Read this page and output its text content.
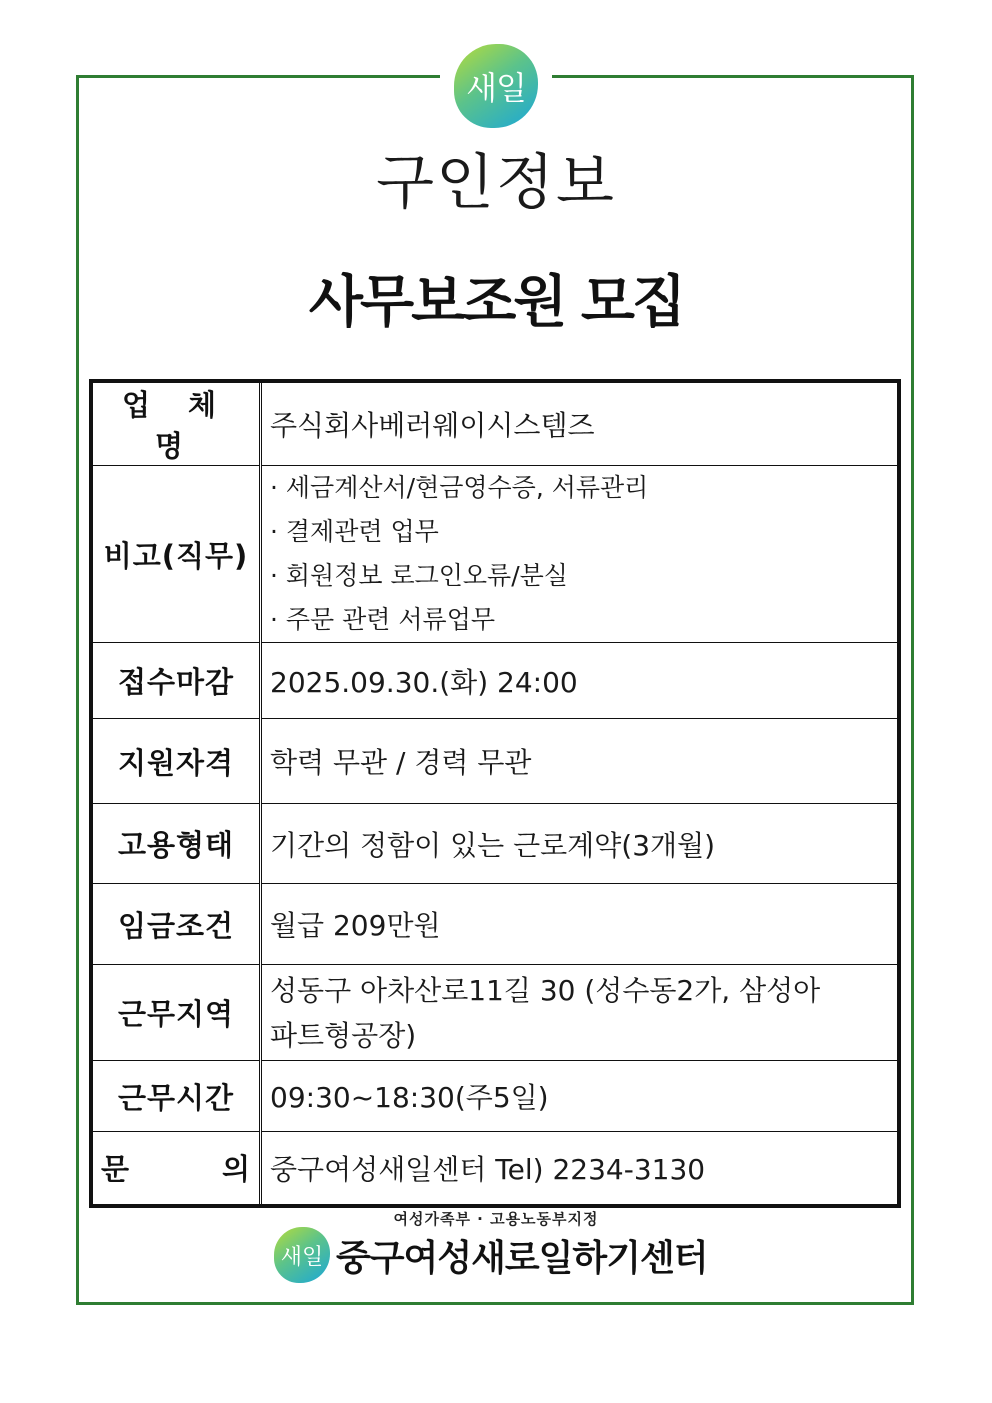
새일
구인정보
사무보조원 모집
업 체 명	주식회사베러웨이시스템즈
비고(직무)	· 세금계산서/현금영수증, 서류관리
· 결제관련 업무
· 회원정보 로그인오류/분실
· 주문 관련 서류업무

접수마감	2025.09.30.(화) 24:00
지원자격	학력 무관 / 경력 무관
고용형태	기간의 정함이 있는 근로계약(3개월)
임금조건	월급 209만원
근무지역	성동구 아차산로11길 30 (성수동2가, 삼성아
파트형공장)

근무시간	09:30~18:30(주5일)
문 의	중구여성새일센터 Tel) 2234-3130
여성가족부 · 고용노동부지정
새일 중구여성새로일하기센터
